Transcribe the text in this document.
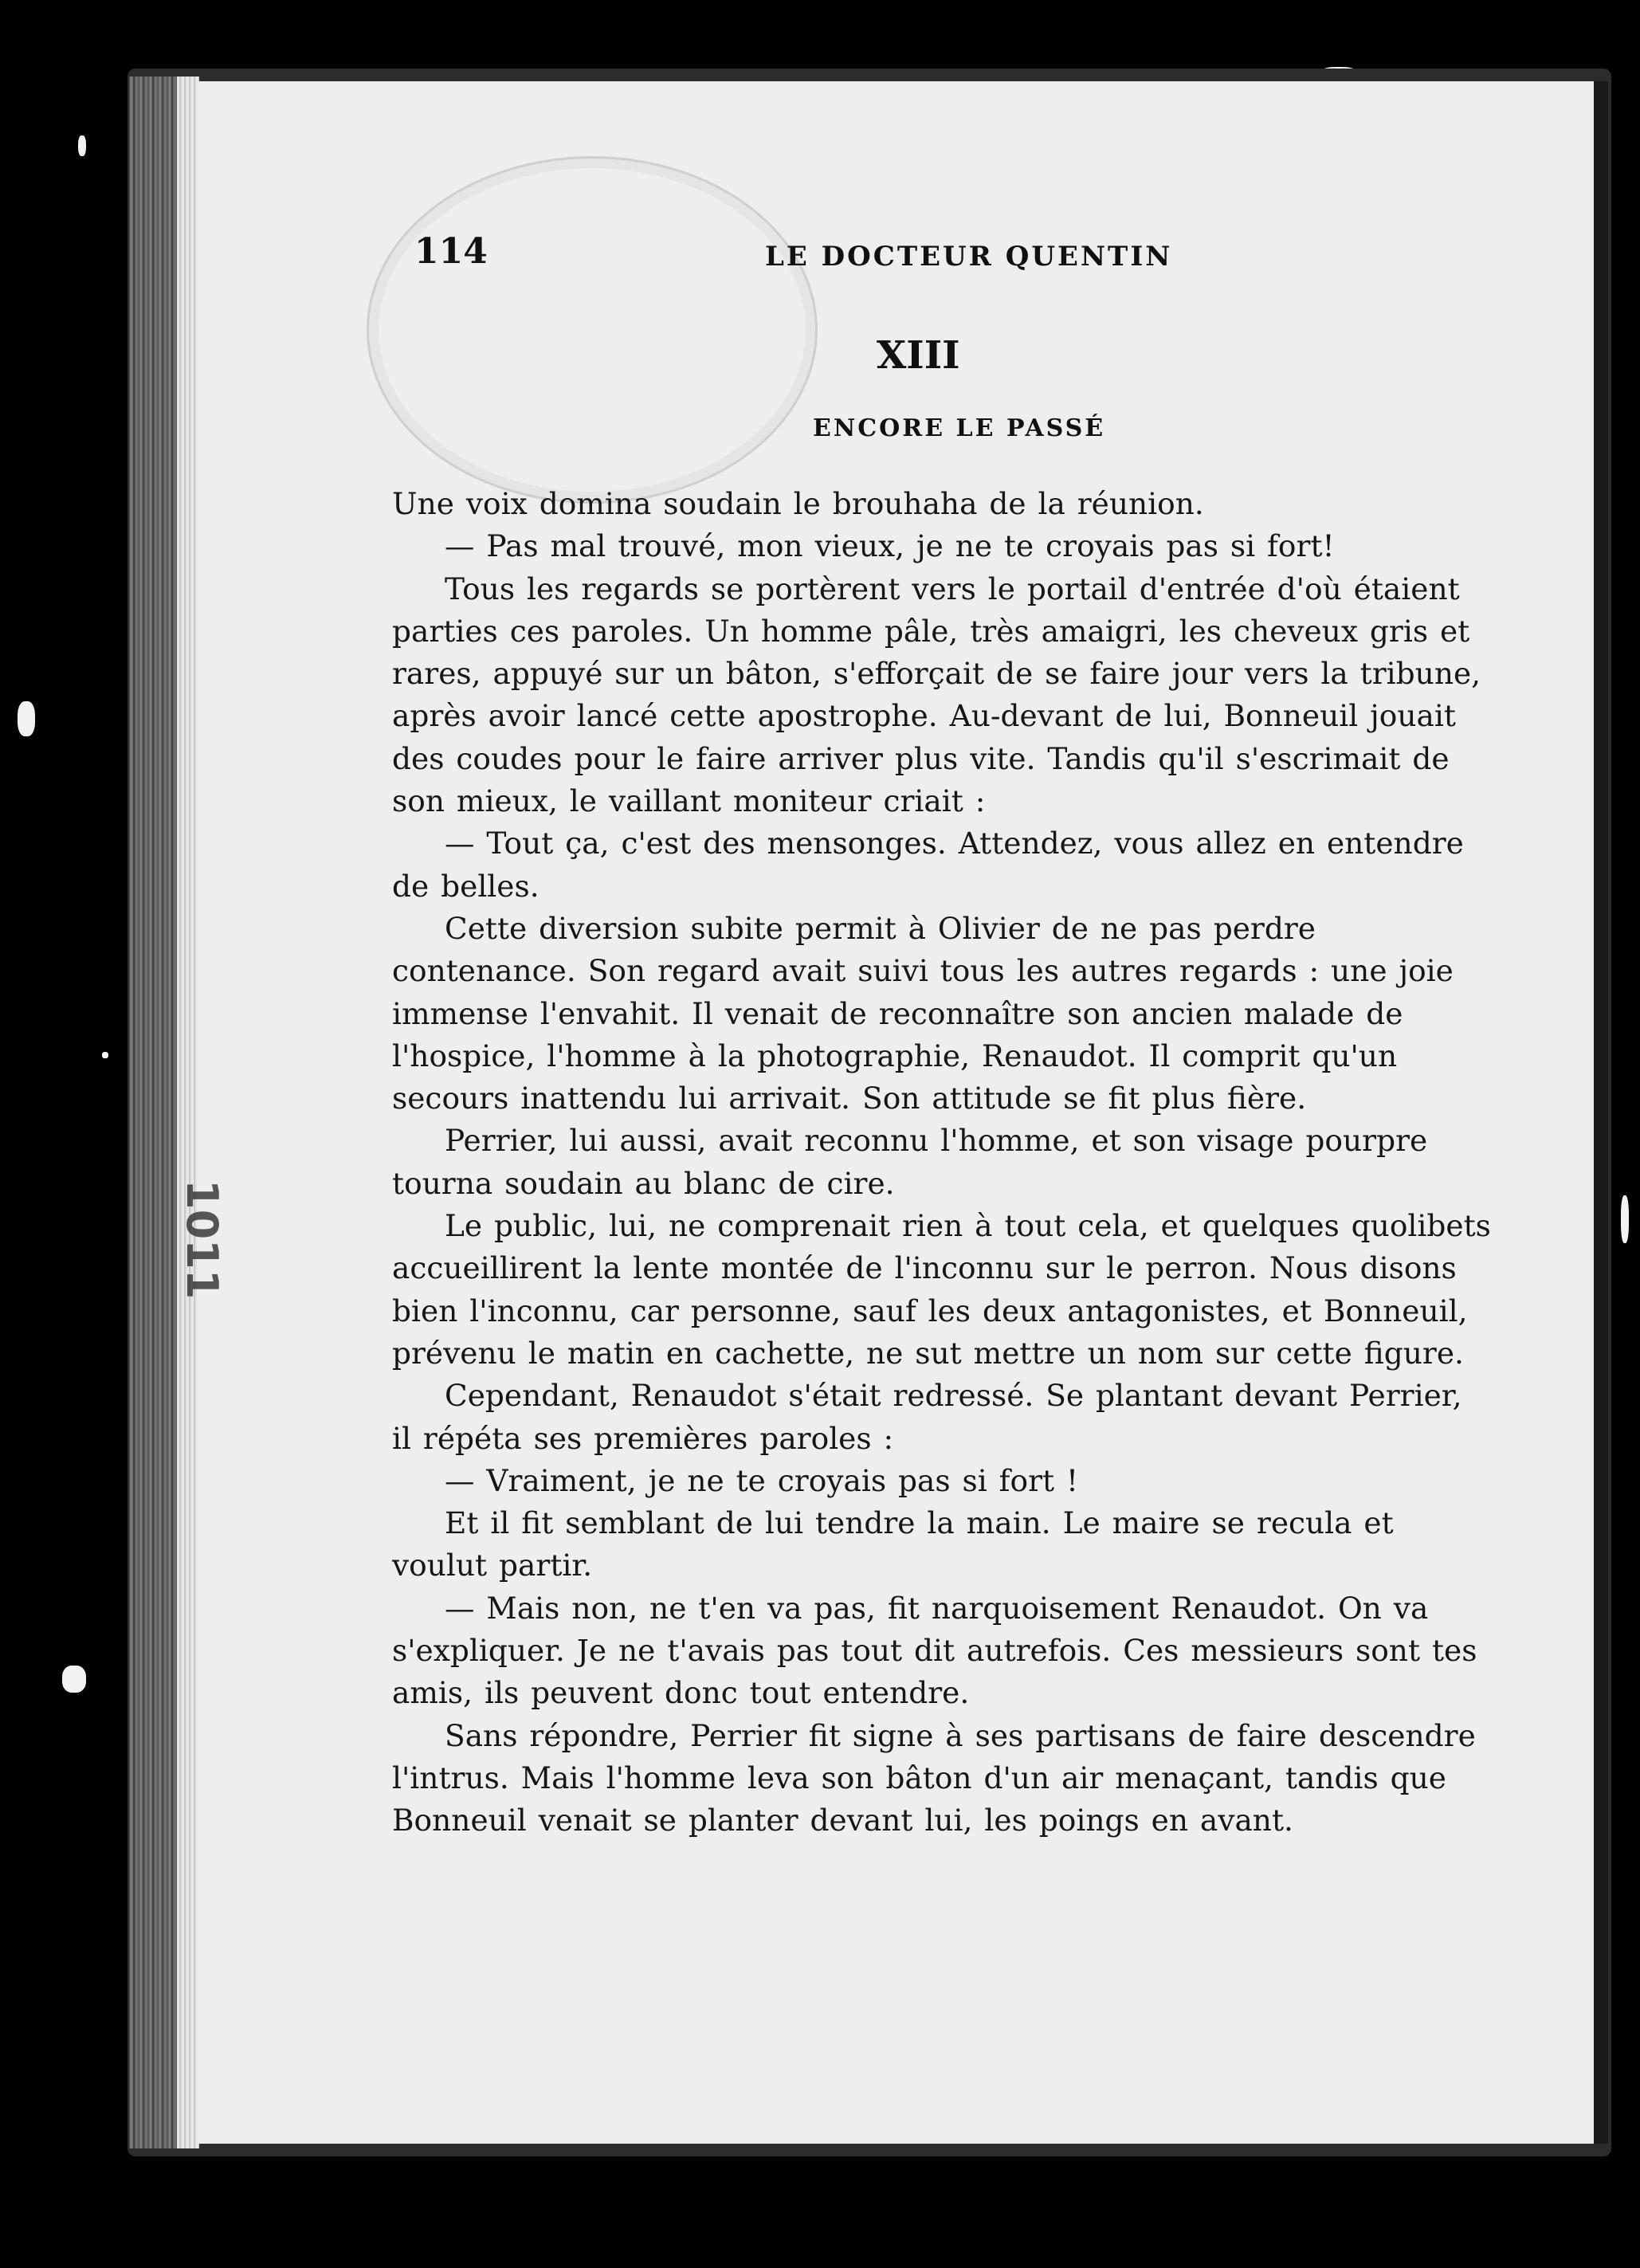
1011
114	LE DOCTEUR QUENTIN
XIII
ENCORE LE PASSÉ

Une voix domina soudain le brouhaha de la réunion.

— Pas mal trouvé, mon vieux, je ne te croyais pas si fort!

Tous les regards se portèrent vers le portail d'entrée d'où étaient parties ces paroles. Un homme pâle, très amaigri, les cheveux gris et rares, appuyé sur un bâton, s'efforçait de se faire jour vers la tribune, après avoir lancé cette apostrophe. Au-devant de lui, Bonneuil jouait des coudes pour le faire arriver plus vite. Tandis qu'il s'escrimait de son mieux, le vaillant moniteur criait :

— Tout ça, c'est des mensonges. Attendez, vous allez en entendre de belles.

Cette diversion subite permit à Olivier de ne pas perdre contenance. Son regard avait suivi tous les autres regards : une joie immense l'envahit. Il venait de reconnaître son ancien malade de l'hospice, l'homme à la photographie, Renaudot. Il comprit qu'un secours inattendu lui arrivait. Son attitude se fit plus fière.

Perrier, lui aussi, avait reconnu l'homme, et son visage pourpre tourna soudain au blanc de cire.

Le public, lui, ne comprenait rien à tout cela, et quelques quolibets accueillirent la lente montée de l'inconnu sur le perron. Nous disons bien l'inconnu, car personne, sauf les deux antagonistes, et Bonneuil, prévenu le matin en cachette, ne sut mettre un nom sur cette figure.

Cependant, Renaudot s'était redressé. Se plantant devant Perrier, il répéta ses premières paroles :

— Vraiment, je ne te croyais pas si fort !

Et il fit semblant de lui tendre la main. Le maire se recula et voulut partir.

— Mais non, ne t'en va pas, fit narquoisement Renaudot. On va s'expliquer. Je ne t'avais pas tout dit autrefois. Ces messieurs sont tes amis, ils peuvent donc tout entendre.

Sans répondre, Perrier fit signe à ses partisans de faire descendre l'intrus. Mais l'homme leva son bâton d'un air menaçant, tandis que Bonneuil venait se planter devant lui, les poings en avant.
